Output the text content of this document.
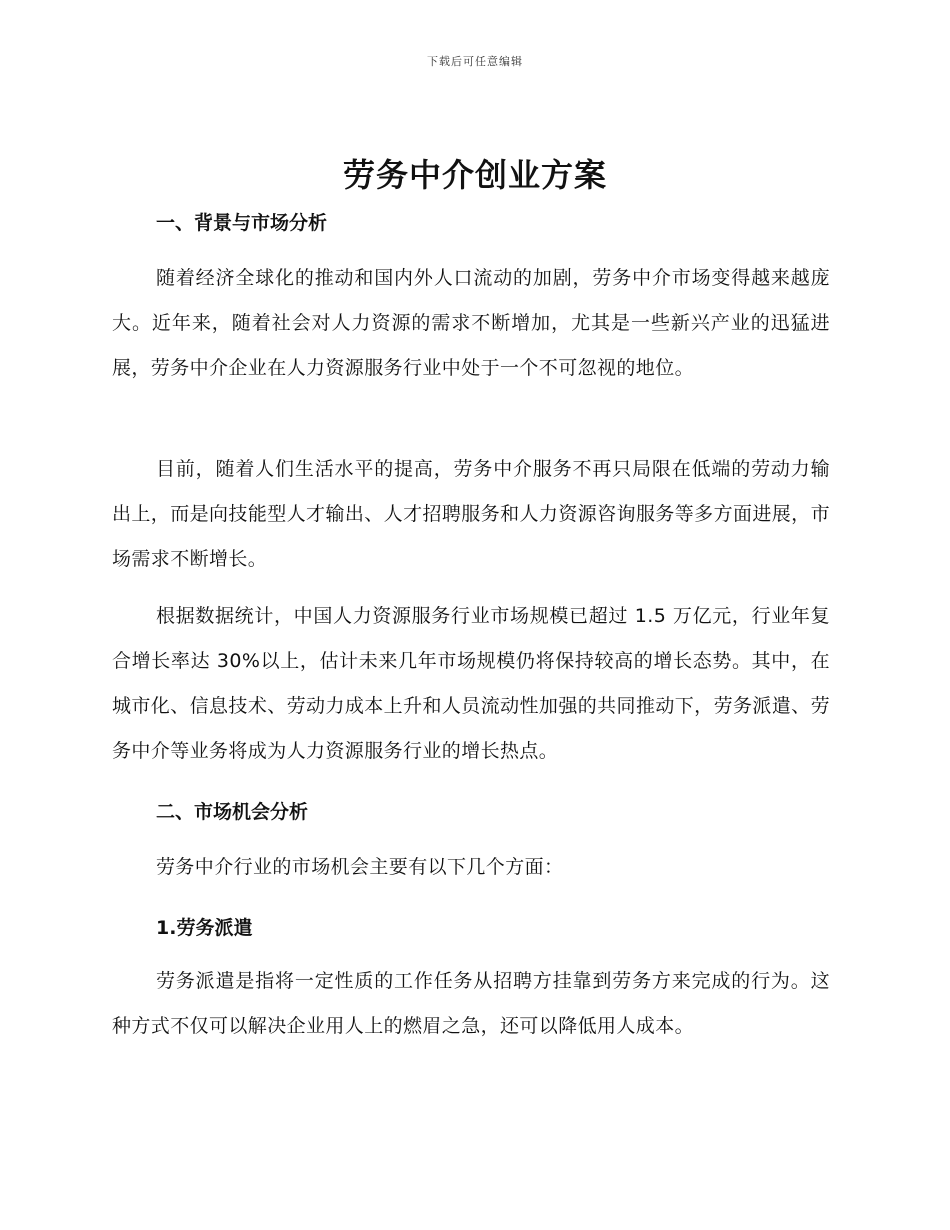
下载后可任意编辑
劳务中介创业方案
一、背景与市场分析

随着经济全球化的推动和国内外人口流动的加剧，劳务中介市场变得越来越庞大。近年来，随着社会对人力资源的需求不断增加，尤其是一些新兴产业的迅猛进展，劳务中介企业在人力资源服务行业中处于一个不可忽视的地位。

目前，随着人们生活水平的提高，劳务中介服务不再只局限在低端的劳动力输出上，而是向技能型人才输出、人才招聘服务和人力资源咨询服务等多方面进展，市场需求不断增长。

根据数据统计，中国人力资源服务行业市场规模已超过 1.5 万亿元，行业年复合增长率达 30%以上，估计未来几年市场规模仍将保持较高的增长态势。其中，在城市化、信息技术、劳动力成本上升和人员流动性加强的共同推动下，劳务派遣、劳务中介等业务将成为人力资源服务行业的增长热点。

二、市场机会分析

劳务中介行业的市场机会主要有以下几个方面：

1.劳务派遣

劳务派遣是指将一定性质的工作任务从招聘方挂靠到劳务方来完成的行为。这种方式不仅可以解决企业用人上的燃眉之急，还可以降低用人成本。
